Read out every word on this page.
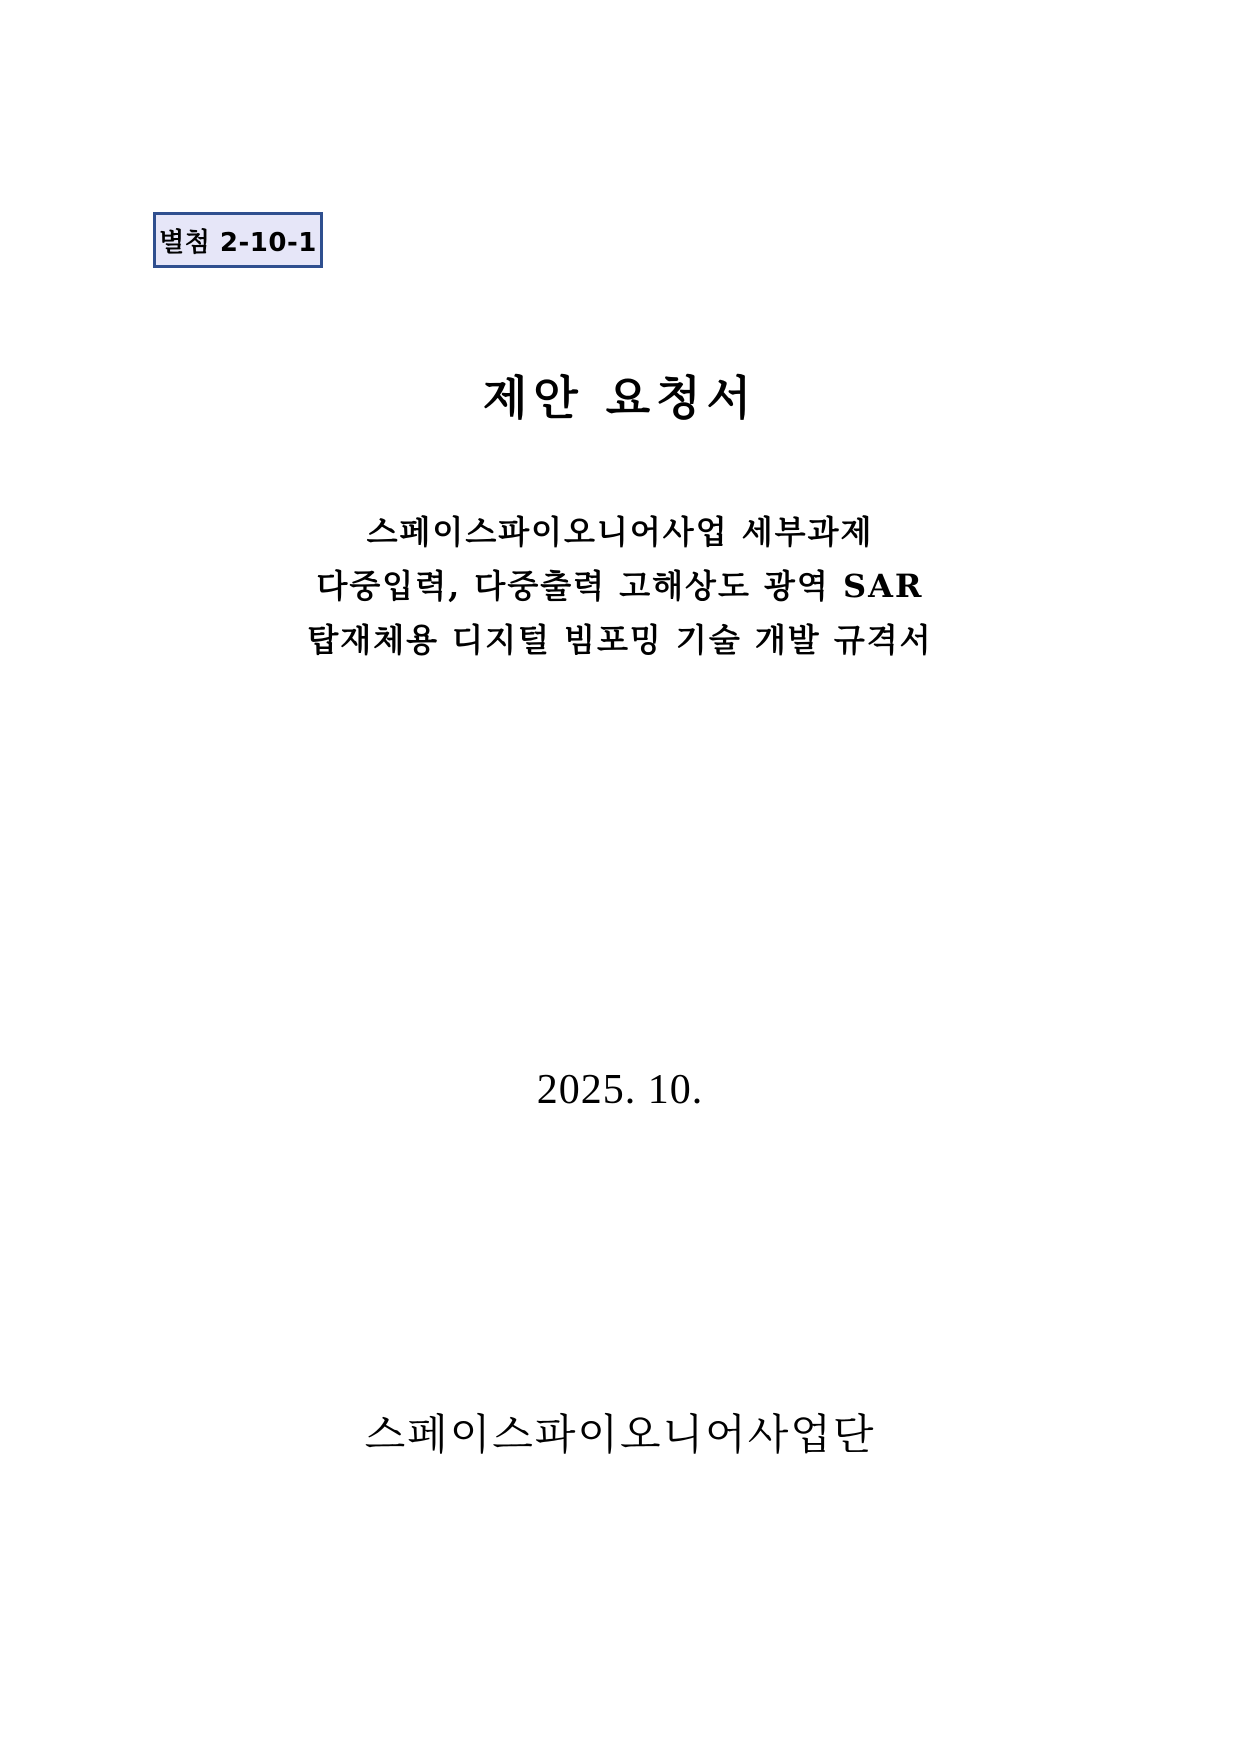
별첨 2-10-1
제안 요청서
스페이스파이오니어사업 세부과제
다중입력, 다중출력 고해상도 광역 SAR
탑재체용 디지털 빔포밍 기술 개발 규격서
2025. 10.
스페이스파이오니어사업단
